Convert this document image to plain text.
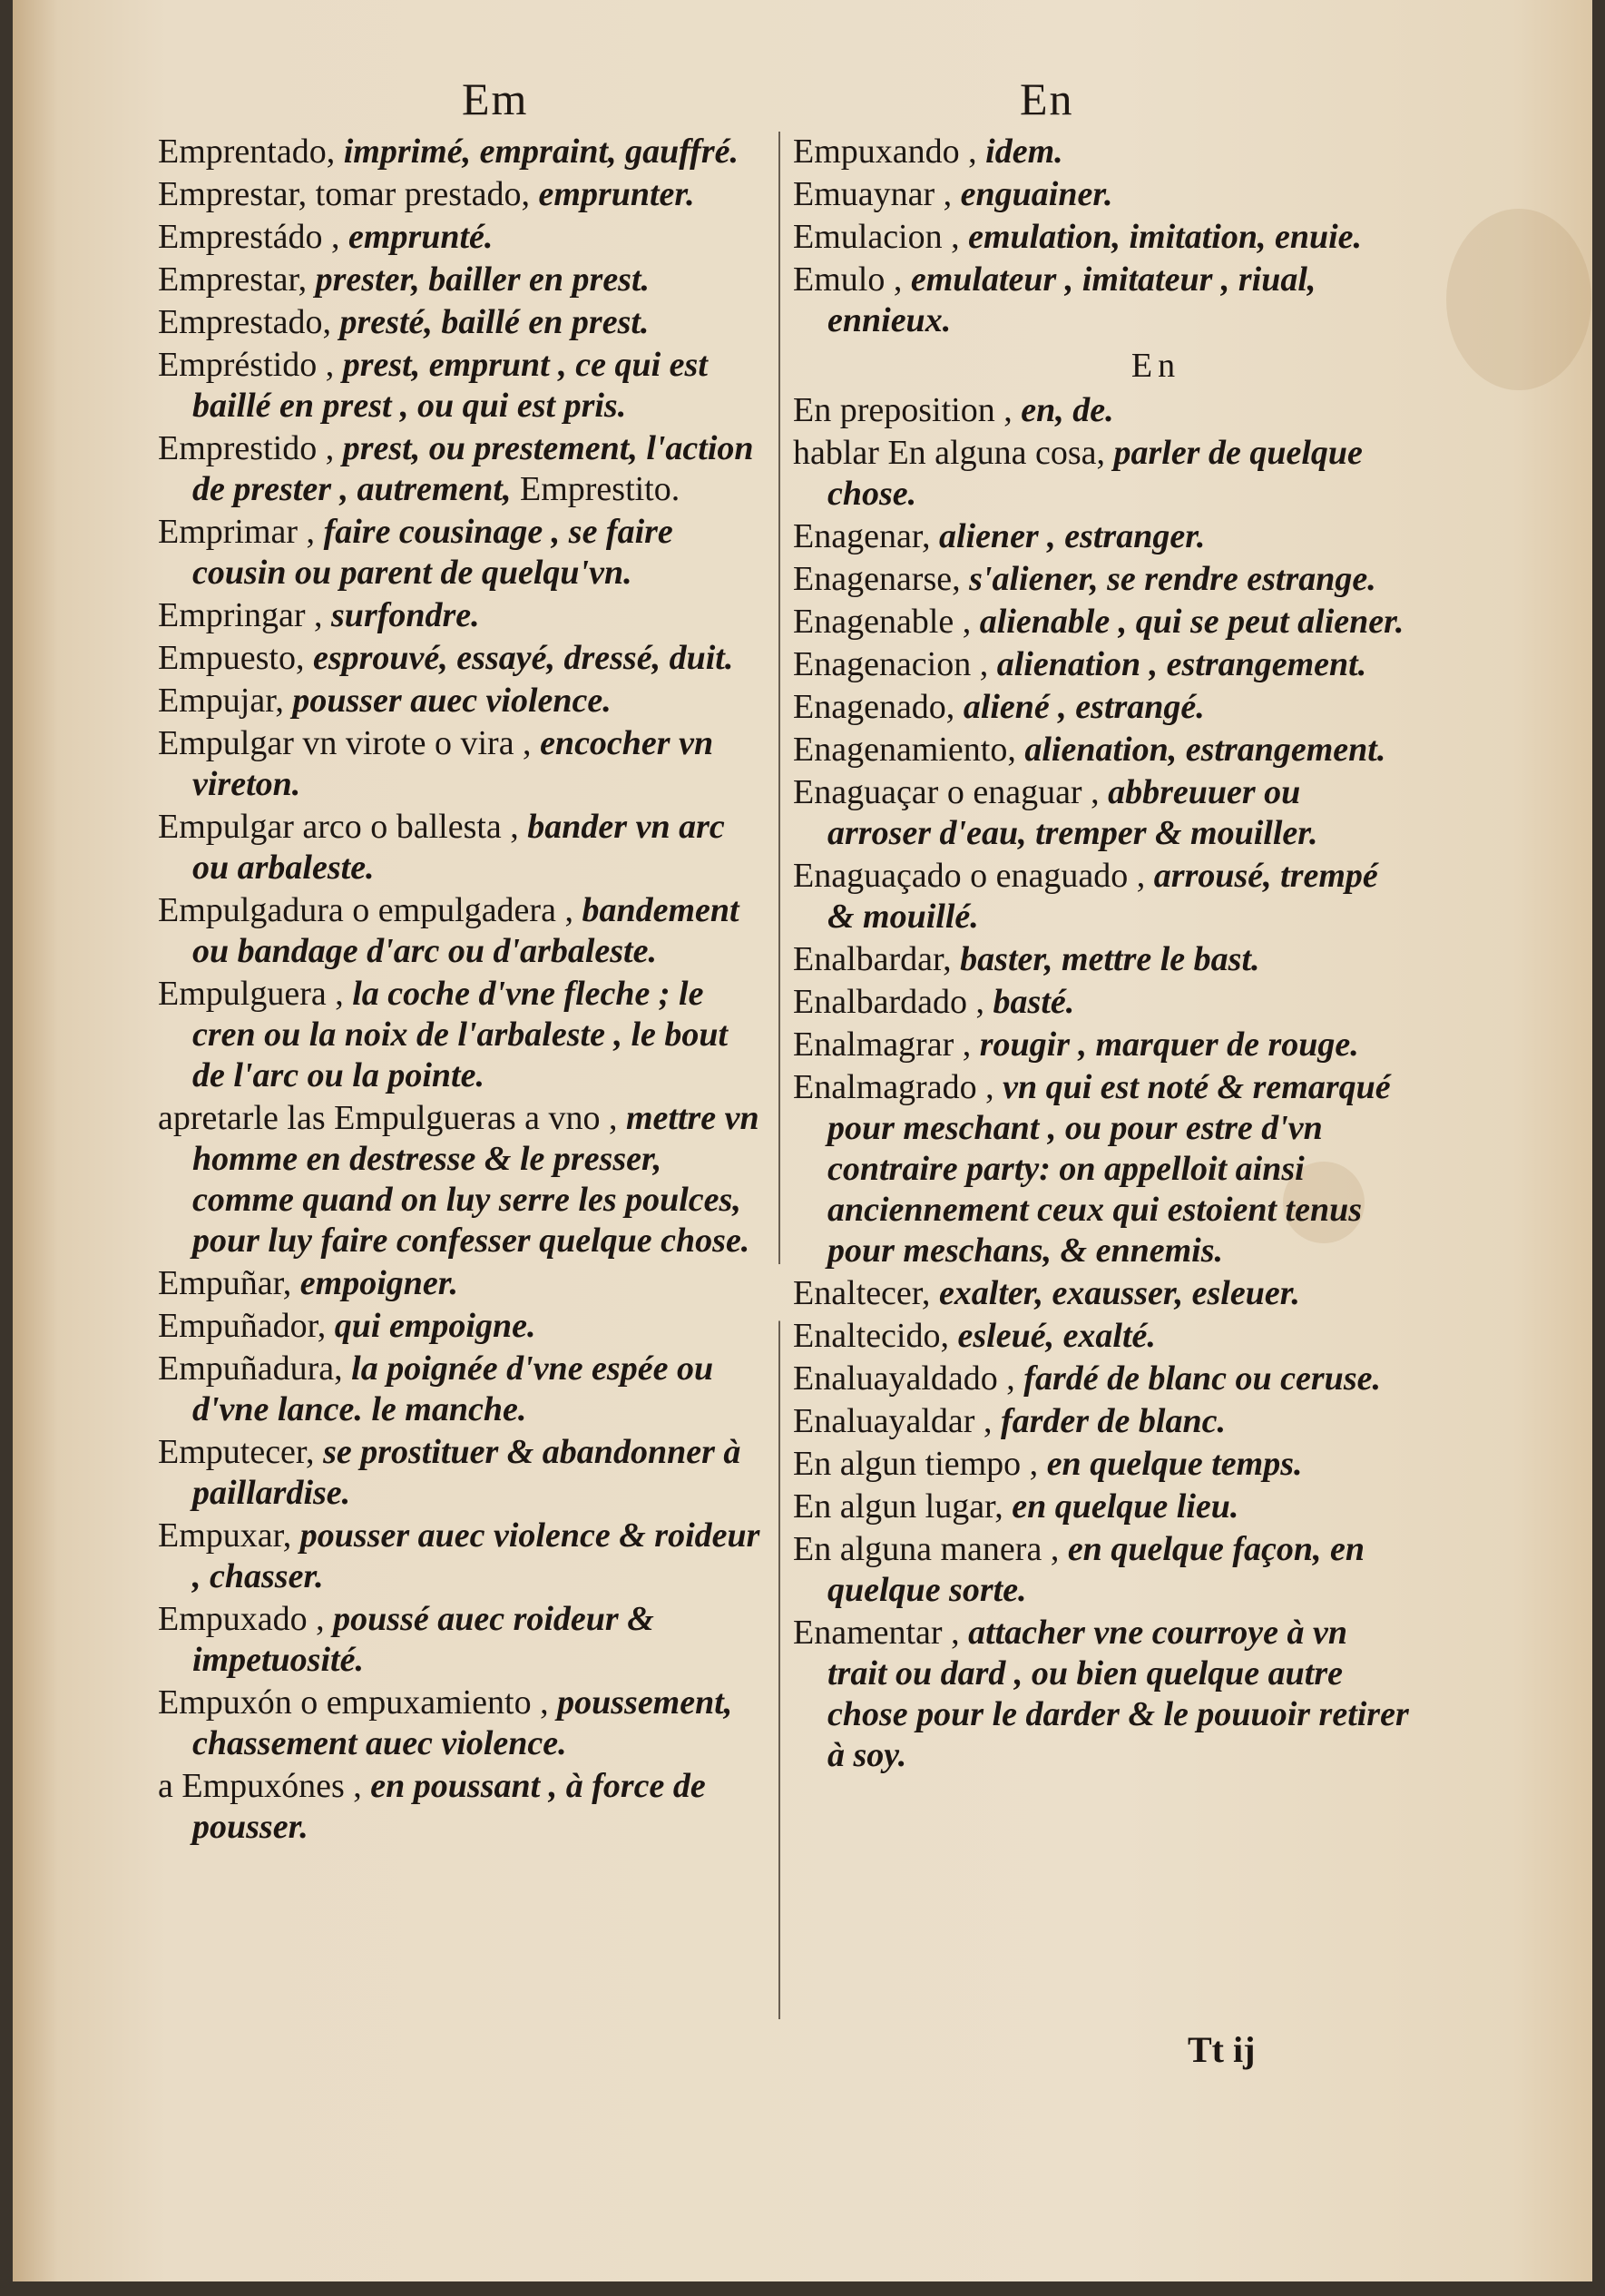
Em	En
Emprentado, imprimé, empraint, gauffré.
Emprestar, tomar prestado, emprunter.
Emprestádo , emprunté.
Emprestar, prester, bailler en prest.
Emprestado, presté, baillé en prest.
Empréstido , prest, emprunt , ce qui est baillé en prest , ou qui est pris.
Emprestido , prest, ou prestement, l'action de prester , autrement, Emprestito.
Emprimar , faire cousinage , se faire cousin ou parent de quelqu'vn.
Empringar , surfondre.
Empuesto, esprouvé, essayé, dressé, duit.
Empujar, pousser auec violence.
Empulgar vn virote o vira , encocher vn vireton.
Empulgar arco o ballesta , bander vn arc ou arbaleste.
Empulgadura o empulgadera , bandement ou bandage d'arc ou d'arbaleste.
Empulguera , la coche d'vne fleche ; le cren ou la noix de l'arbaleste , le bout de l'arc ou la pointe.
apretarle las Empulgueras a vno , mettre vn homme en destresse & le presser, comme quand on luy serre les poulces, pour luy faire confesser quelque chose.
Empuñar, empoigner.
Empuñador, qui empoigne.
Empuñadura, la poignée d'vne espée ou d'vne lance. le manche.
Emputecer, se prostituer & abandonner à paillardise.
Empuxar, pousser auec violence & roideur , chasser.
Empuxado , poussé auec roideur & impetuosité.
Empuxón o empuxamiento , poussement, chassement auec violence.
a Empuxónes , en poussant , à force de pousser.
Empuxando , idem.
Emuaynar , enguainer.
Emulacion , emulation, imitation, enuie.
Emulo , emulateur , imitateur , riual, ennieux.
En
En preposition , en, de.
hablar En alguna cosa, parler de quelque chose.
Enagenar, aliener , estranger.
Enagenarse, s'aliener, se rendre estrange.
Enagenable , alienable , qui se peut aliener.
Enagenacion , alienation , estrangement.
Enagenado, aliené , estrangé.
Enagenamiento, alienation, estrangement.
Enaguaçar o enaguar , abbreuuer ou arroser d'eau, tremper & mouiller.
Enaguaçado o enaguado , arrousé, trempé & mouillé.
Enalbardar, baster, mettre le bast.
Enalbardado , basté.
Enalmagrar , rougir , marquer de rouge.
Enalmagrado , vn qui est noté & remarqué pour meschant , ou pour estre d'vn contraire party: on appelloit ainsi anciennement ceux qui estoient tenus pour meschans, & ennemis.
Enaltecer, exalter, exausser, esleuer.
Enaltecido, esleué, exalté.
Enaluayaldado , fardé de blanc ou ceruse.
Enaluayaldar , farder de blanc.
En algun tiempo , en quelque temps.
En algun lugar, en quelque lieu.
En alguna manera , en quelque façon, en quelque sorte.
Enamentar , attacher vne courroye à vn trait ou dard , ou bien quelque autre chose pour le darder & le pouuoir retirer à soy.
Tt ij
